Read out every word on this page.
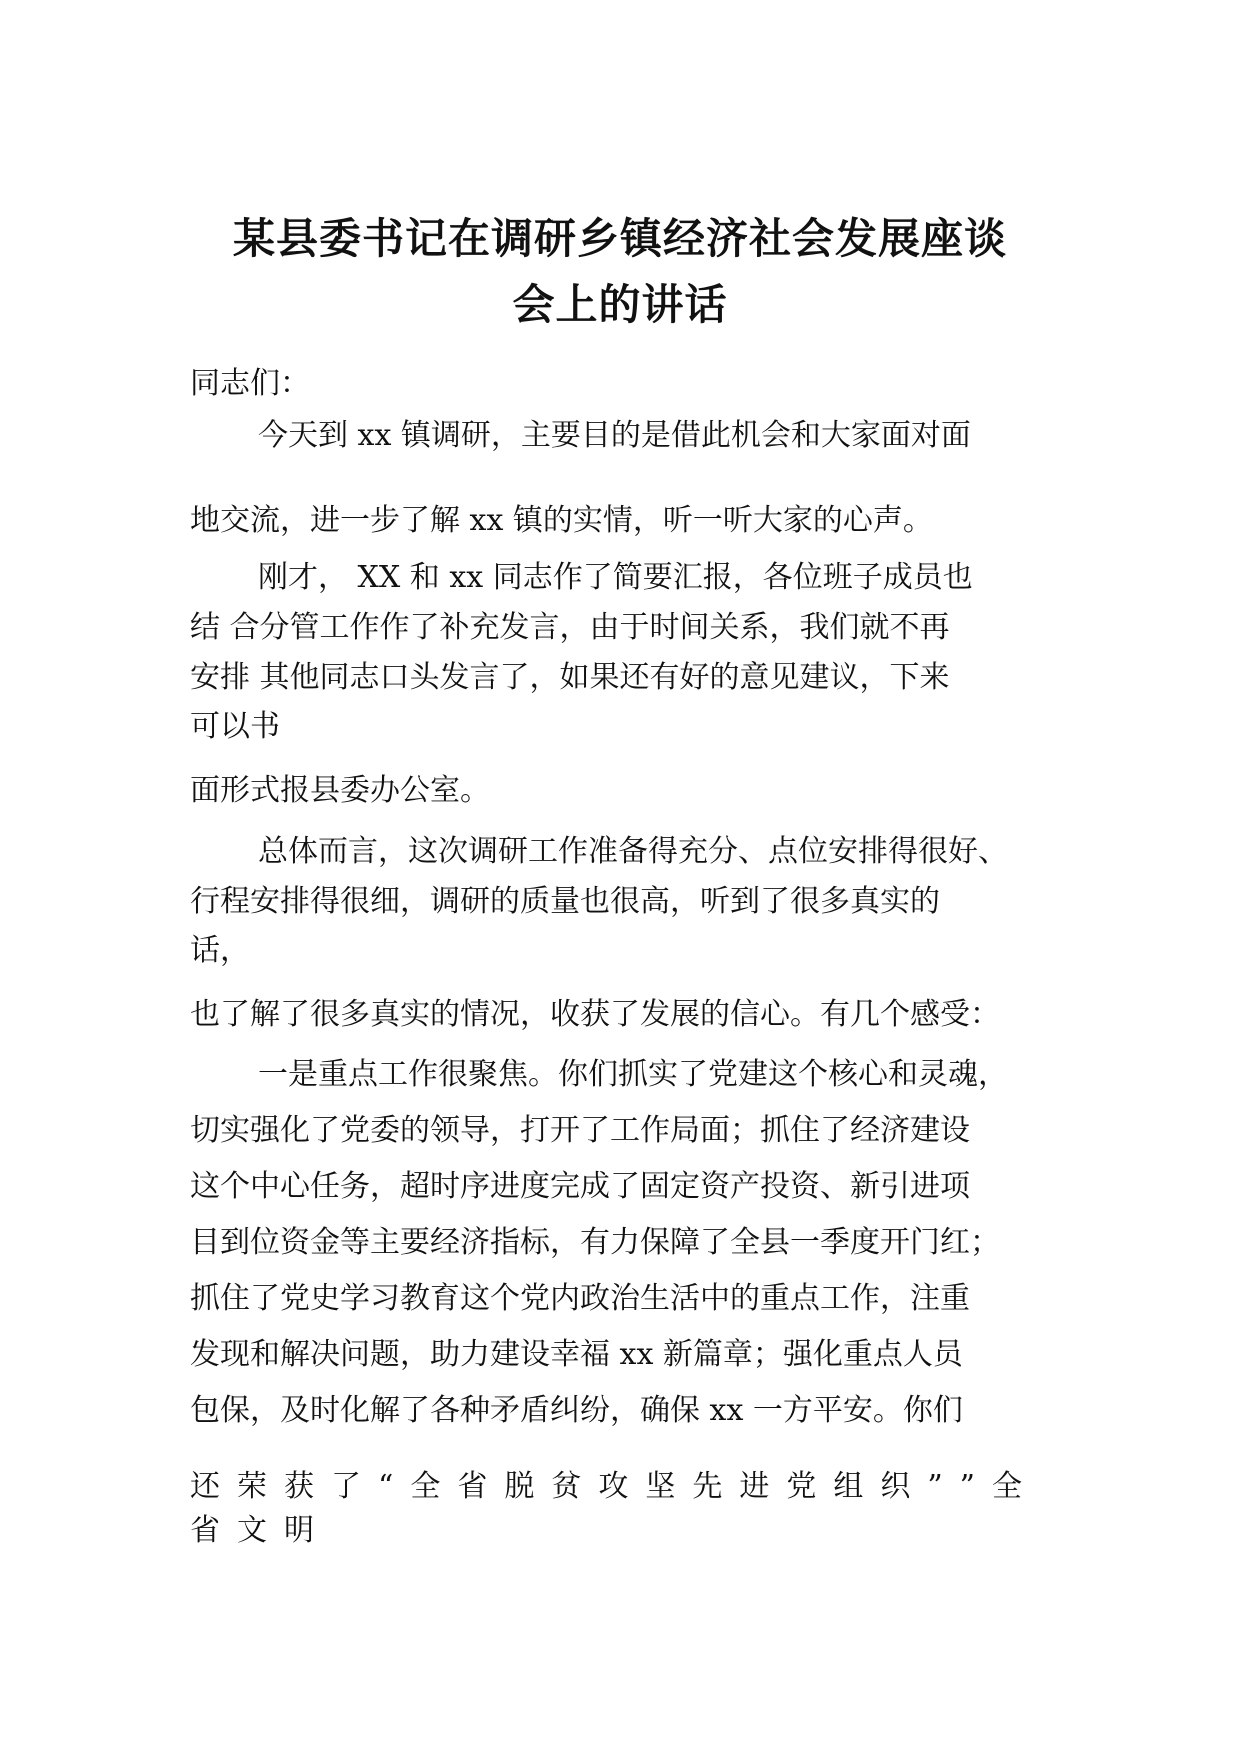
某县委书记在调研乡镇经济社会发展座谈
会上的讲话
同志们：
今天到 xx 镇调研，主要目的是借此机会和大家面对面
地交流，进一步了解 xx 镇的实情，听一听大家的心声。
刚才， XX 和 xx 同志作了简要汇报，各位班子成员也
结 合分管工作作了补充发言，由于时间关系，我们就不再
安排 其他同志口头发言了，如果还有好的意见建议，下来
可以书
面形式报县委办公室。
总体而言，这次调研工作准备得充分、点位安排得很好、
行程安排得很细，调研的质量也很高，听到了很多真实的
话，
也了解了很多真实的情况，收获了发展的信心。有几个感受：
一是重点工作很聚焦。你们抓实了党建这个核心和灵魂，
切实强化了党委的领导，打开了工作局面；抓住了经济建设
这个中心任务，超时序进度完成了固定资产投资、新引进项
目到位资金等主要经济指标，有力保障了全县一季度开门红；
抓住了党史学习教育这个党内政治生活中的重点工作，注重
发现和解决问题，助力建设幸福 xx 新篇章；强化重点人员
包保，及时化解了各种矛盾纠纷，确保 xx 一方平安。你们
还荣获了“全省脱贫攻坚先进党组织””全
省文明
